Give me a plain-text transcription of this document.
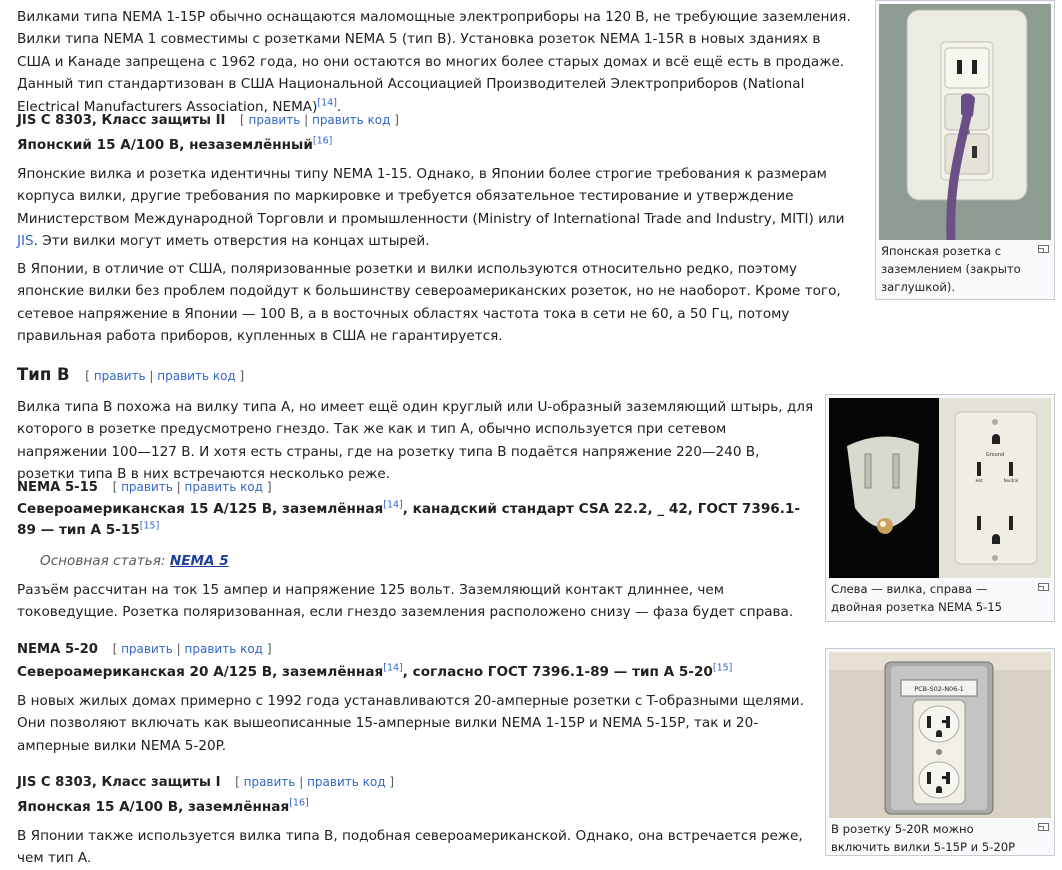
Вилками типа NEMA 1-15P обычно оснащаются маломощные электроприборы на 120 В, не требующие заземления. Вилки типа NEMA 1 совместимы с розетками NEMA 5 (тип B). Установка розеток NEMA 1-15R в новых зданиях в США и Канаде запрещена с 1962 года, но они остаются во многих более старых домах и всё ещё есть в продаже. Данный тип стандартизован в США Национальной Ассоциацией Производителей Электроприборов (National Electrical Manufacturers Association, NEMA)[14].

JIS C 8303, Класс защиты II [ править | править код ]
Японский 15 А/100 В, незаземлённый[16]

Японские вилка и розетка идентичны типу NEMA 1-15. Однако, в Японии более строгие требования к размерам корпуса вилки, другие требования по маркировке и требуется обязательное тестирование и утверждение Министерством Международной Торговли и промышленности (Ministry of International Trade and Industry, MITI) или JIS. Эти вилки могут иметь отверстия на концах штырей.

В Японии, в отличие от США, поляризованные розетки и вилки используются относительно редко, поэтому японские вилки без проблем подойдут к большинству североамериканских розеток, но не наоборот. Кроме того, сетевое напряжение в Японии — 100 В, а в восточных областях частота тока в сети не 60, а 50 Гц, потому правильная работа приборов, купленных в США не гарантируется.

Тип B [ править | править код ]

Вилка типа B похожа на вилку типа A, но имеет ещё один круглый или U-образный заземляющий штырь, для которого в розетке предусмотрено гнездо. Так же как и тип A, обычно используется при сетевом напряжении 100—127 В. И хотя есть страны, где на розетку типа B подаётся напряжение 220—240 В, розетки типа B в них встречаются несколько реже.

NEMA 5-15 [ править | править код ]
Североамериканская 15 А/125 В, заземлённая[14], канадский стандарт CSA 22.2, _ 42, ГОСТ 7396.1-89 — тип A 5-15[15]
Основная статья: NEMA 5

Разъём рассчитан на ток 15 ампер и напряжение 125 вольт. Заземляющий контакт длиннее, чем токоведущие. Розетка поляризованная, если гнездо заземления расположено снизу — фаза будет справа.

NEMA 5-20 [ править | править код ]
Североамериканская 20 А/125 В, заземлённая[14], согласно ГОСТ 7396.1-89 — тип A 5-20[15]

В новых жилых домах примерно с 1992 года устанавливаются 20-амперные розетки с T-образными щелями. Они позволяют включать как вышеописанные 15-амперные вилки NEMA 1-15P и NEMA 5-15P, так и 20-амперные вилки NEMA 5-20P.

JIS C 8303, Класс защиты I [ править | править код ]
Японская 15 А/100 В, заземлённая[16]

В Японии также используется вилка типа B, подобная североамериканской. Однако, она встречается реже, чем тип A.

Японская розетка с заземлением (закрыто заглушкой).
Ground
Hot	Neutral
Слева — вилка, справа — двойная розетка NEMA 5-15
PCB-S02-N06-1
В розетку 5-20R можно включить вилки 5-15P и 5-20P
